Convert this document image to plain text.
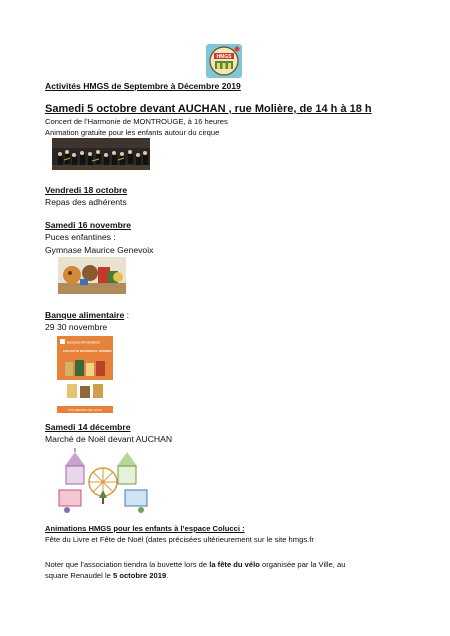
HMGS
Activités HMGS de Septembre à Décembre 2019
Samedi 5 octobre devant AUCHAN , rue Molière, de 14 h à 18 h
Concert de l’Harmonie de MONTROUGE, à 16 heures
Animation gratuite pour les enfants autour du cirque
Vendredi 18 octobre
Repas des adhérents
Samedi 16 novembre
Puces enfantines :
Gymnase Maurice Genevoix
Banque alimentaire :
29 30 novembre
Banques Alimentaires
COLLECTE NATIONALE, DONNEZ.
ON A BESOIN DE VOUS
Samedi 14 décembre
Marché de Noël devant AUCHAN
Animations HMGS pour les enfants à l’espace Colucci :
Fête du Livre et Fête de Noël (dates précisées ultérieurement sur le site hmgs.fr
Noter que l’association tiendra la buvette lors de la fête du vélo organisée par la Ville, au
square Renaudel le 5 octobre 2019.
